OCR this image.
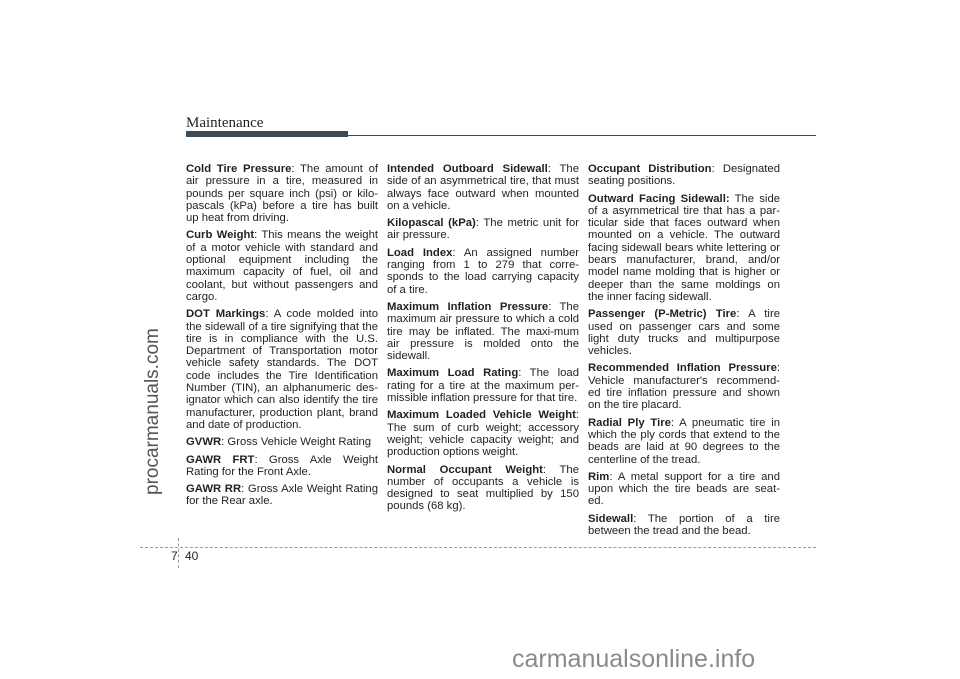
Maintenance
procarmanuals.com

Cold Tire Pressure: The amount of air pressure in a tire, measured in pounds per square inch (psi) or kilo-pascals (kPa) before a tire has built up heat from driving.

Curb Weight: This means the weight of a motor vehicle with standard and optional equipment including the maximum capacity of fuel, oil and coolant, but without passengers and cargo.

DOT Markings: A code molded into the sidewall of a tire signifying that the tire is in compliance with the U.S. Department of Transportation motor vehicle safety standards. The DOT code includes the Tire Identification Number (TIN), an alphanumeric des-ignator which can also identify the tire manufacturer, production plant, brand and date of production.

GVWR: Gross Vehicle Weight Rating

GAWR FRT: Gross Axle Weight Rating for the Front Axle.

GAWR RR: Gross Axle Weight Rating for the Rear axle.

Intended Outboard Sidewall: The side of an asymmetrical tire, that must always face outward when mounted on a vehicle.

Kilopascal (kPa): The metric unit for air pressure.

Load Index: An assigned number ranging from 1 to 279 that corre-sponds to the load carrying capacity of a tire.

Maximum Inflation Pressure: The maximum air pressure to which a cold tire may be inflated. The maxi-mum air pressure is molded onto the sidewall.

Maximum Load Rating: The load rating for a tire at the maximum per-missible inflation pressure for that tire.

Maximum Loaded Vehicle Weight: The sum of curb weight; accessory weight; vehicle capacity weight; and production options weight.

Normal Occupant Weight: The number of occupants a vehicle is designed to seat multiplied by 150 pounds (68 kg).

Occupant Distribution: Designated seating positions.

Outward Facing Sidewall: The side of a asymmetrical tire that has a par-ticular side that faces outward when mounted on a vehicle. The outward facing sidewall bears white lettering or bears manufacturer, brand, and/or model name molding that is higher or deeper than the same moldings on the inner facing sidewall.

Passenger (P-Metric) Tire: A tire used on passenger cars and some light duty trucks and multipurpose vehicles.

Recommended Inflation Pressure: Vehicle manufacturer's recommend-ed tire inflation pressure and shown on the tire placard.

Radial Ply Tire: A pneumatic tire in which the ply cords that extend to the beads are laid at 90 degrees to the centerline of the tread.

Rim: A metal support for a tire and upon which the tire beads are seat-ed.

Sidewall: The portion of a tire between the tread and the bead.

7 40
carmanualsonline.info
